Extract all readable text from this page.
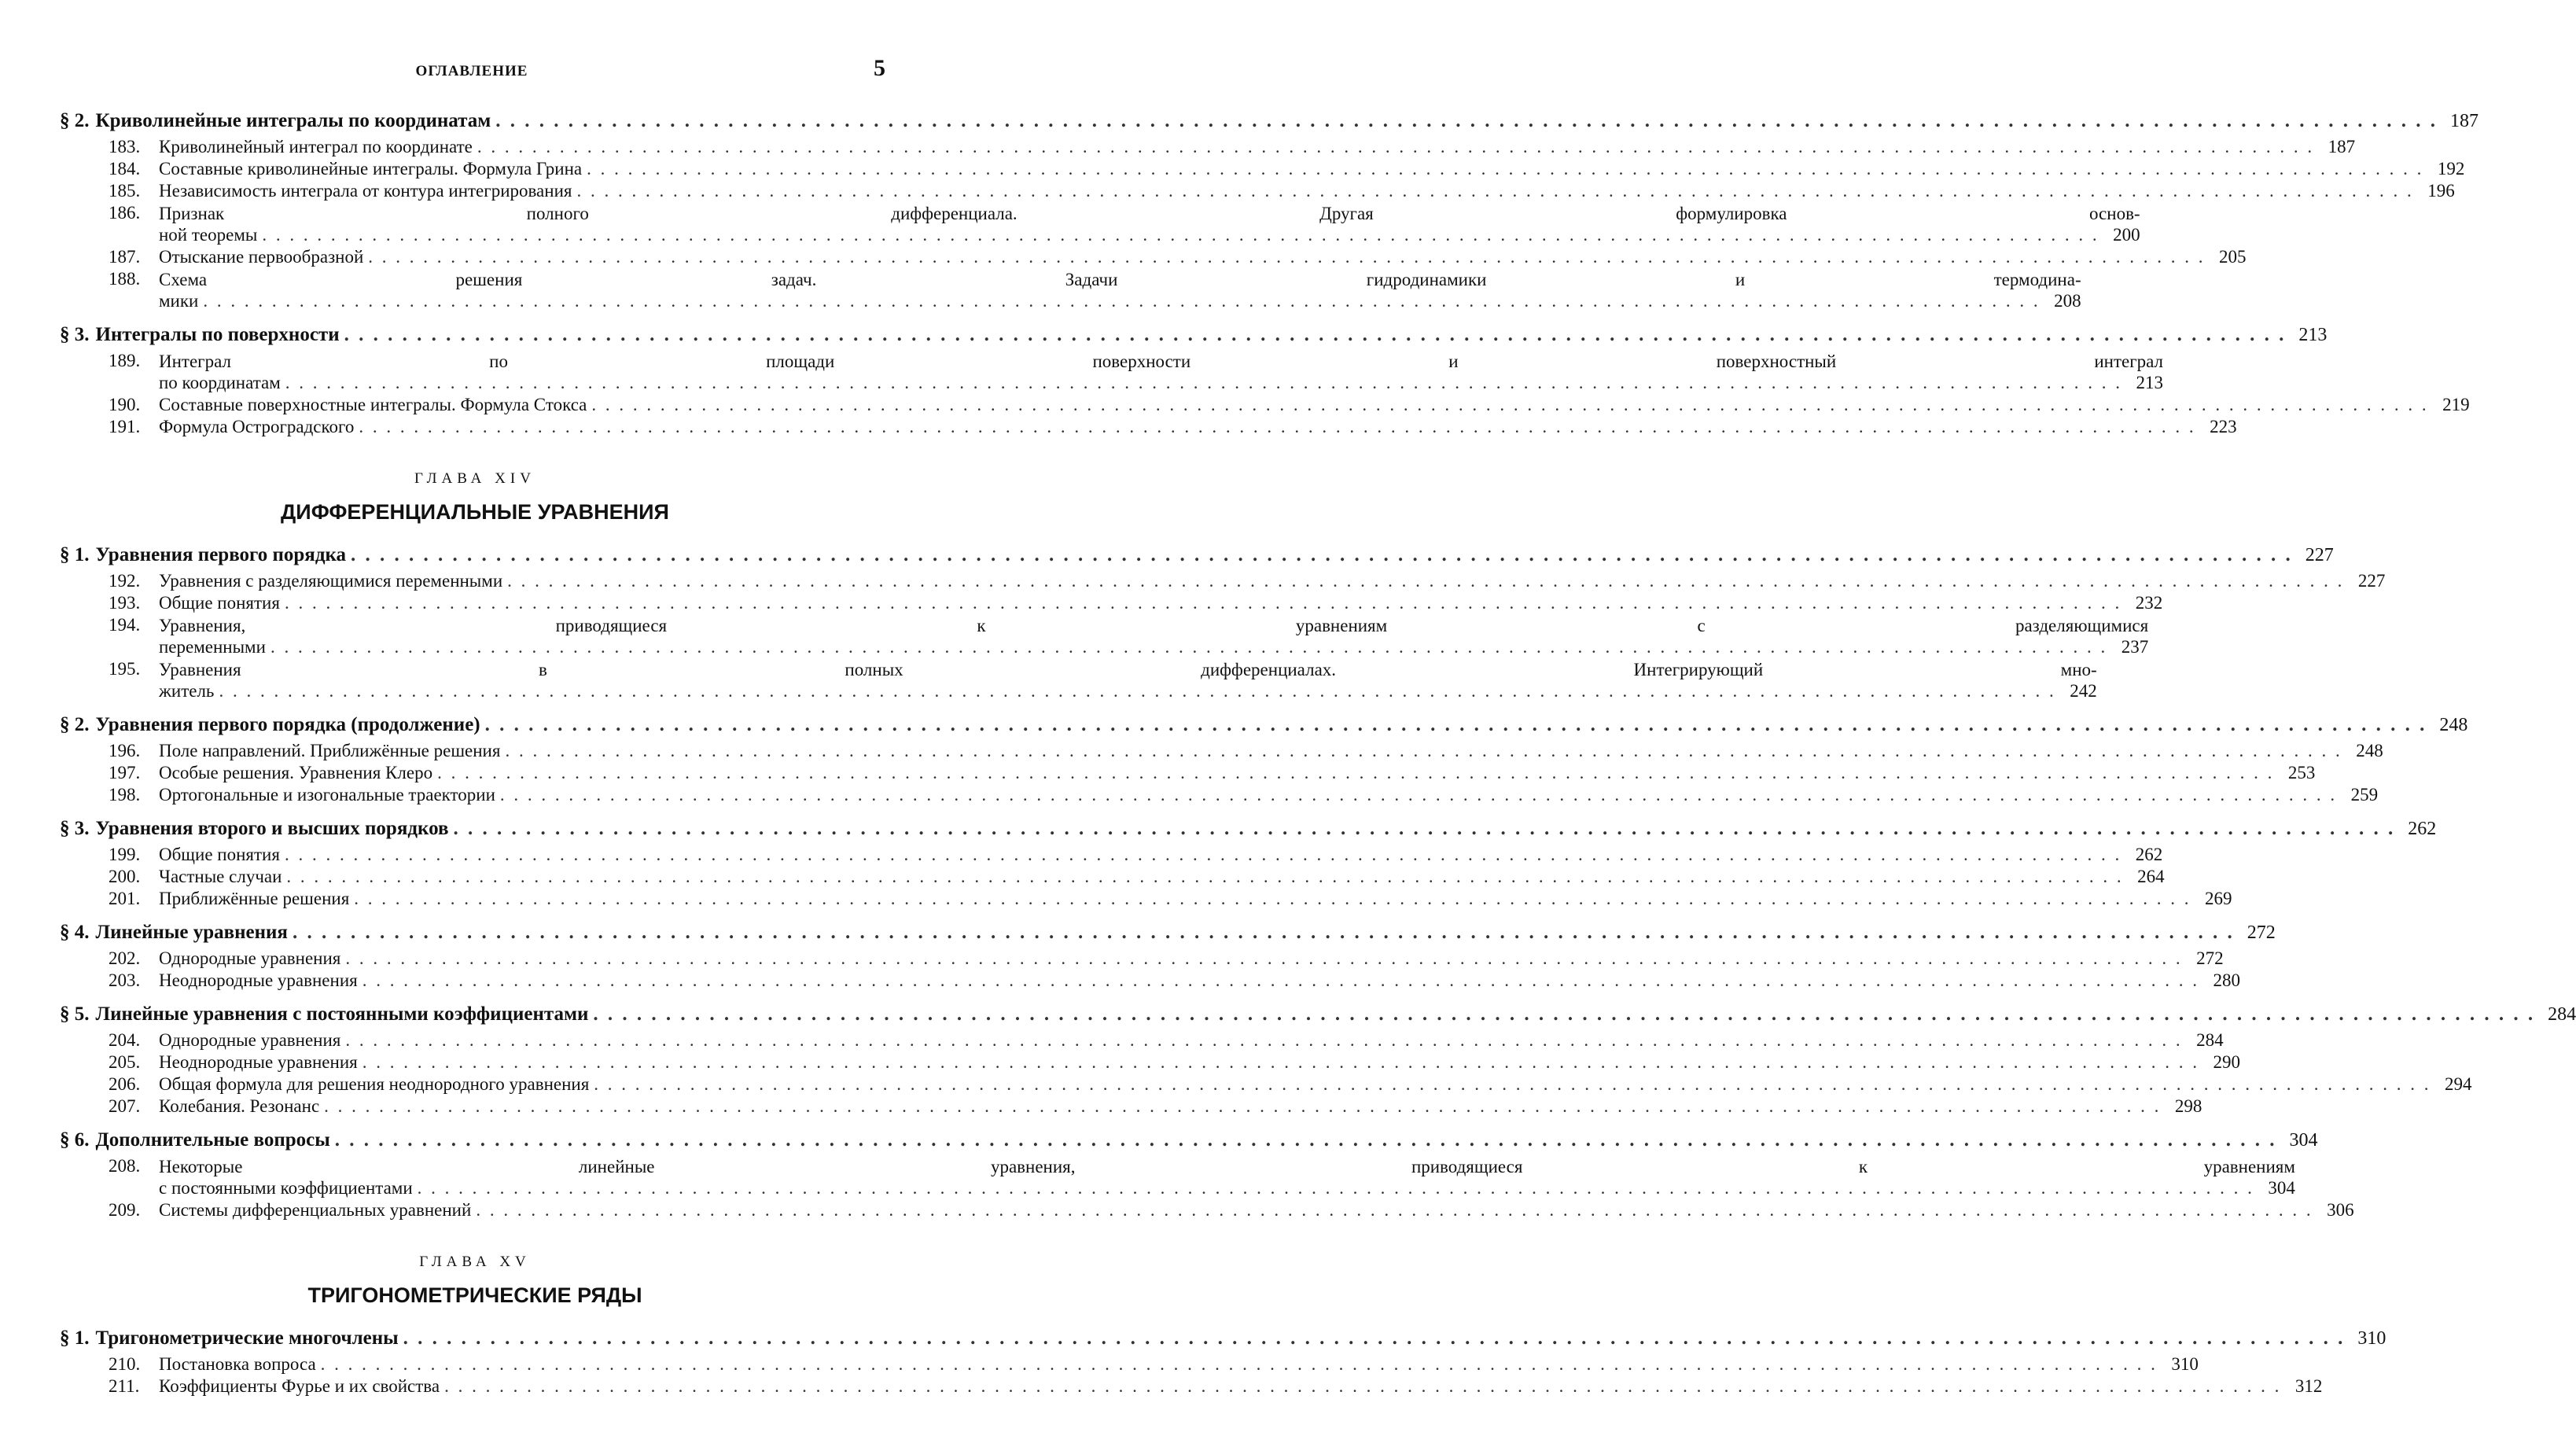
ОГЛАВЛЕНИЕ	5
§ 2. Криволинейные интегралы по координатам . . .	187
183.	Криволинейный интеграл по координате . . .	187
184.	Составные криволинейные интегралы. Формула Грина . . .	192
185.	Независимость интеграла от контура интегрирования . . .	196
186.	Признак полного дифференциала. Другая формулировка основ-
ной теоремы . . .	200
187.	Отыскание первообразной . . .	205
188.	Схема решения задач. Задачи гидродинамики и термодина-
мики . . .	208
§ 3. Интегралы по поверхности . . .	213
189.	Интеграл по площади поверхности и поверхностный интеграл
по координатам . . .	213
190.	Составные поверхностные интегралы. Формула Стокса . . .	219
191.	Формула Остроградского . . .	223
ГЛАВА XIV
ДИФФЕРЕНЦИАЛЬНЫЕ УРАВНЕНИЯ
§ 1. Уравнения первого порядка . . .	227
192.	Уравнения с разделяющимися переменными . . .	227
193.	Общие понятия . . .	232
194.	Уравнения, приводящиеся к уравнениям с разделяющимися
переменными . . .	237
195.	Уравнения в полных дифференциалах. Интегрирующий мно-
житель . . .	242
§ 2. Уравнения первого порядка (продолжение) . . .	248
196.	Поле направлений. Приближённые решения . . .	248
197.	Особые решения. Уравнения Клеро . . .	253
198.	Ортогональные и изогональные траектории . . .	259
§ 3. Уравнения второго и высших порядков . . .	262
199.	Общие понятия . . .	262
200.	Частные случаи . . .	264
201.	Приближённые решения . . .	269
§ 4. Линейные уравнения . . .	272
202.	Однородные уравнения . . .	272
203.	Неоднородные уравнения . . .	280
§ 5. Линейные уравнения с постоянными коэффициентами . . .	284
204.	Однородные уравнения . . .	284
205.	Неоднородные уравнения . . .	290
206.	Общая формула для решения неоднородного уравнения . . .	294
207.	Колебания. Резонанс . . .	298
§ 6. Дополнительные вопросы . . .	304
208.	Некоторые линейные уравнения, приводящиеся к уравнениям
с постоянными коэффициентами . . .	304
209.	Системы дифференциальных уравнений . . .	306
ГЛАВА XV
ТРИГОНОМЕТРИЧЕСКИЕ РЯДЫ
§ 1. Тригонометрические многочлены . . .	310
210.	Постановка вопроса . . .	310
211.	Коэффициенты Фурье и их свойства . . .	312
